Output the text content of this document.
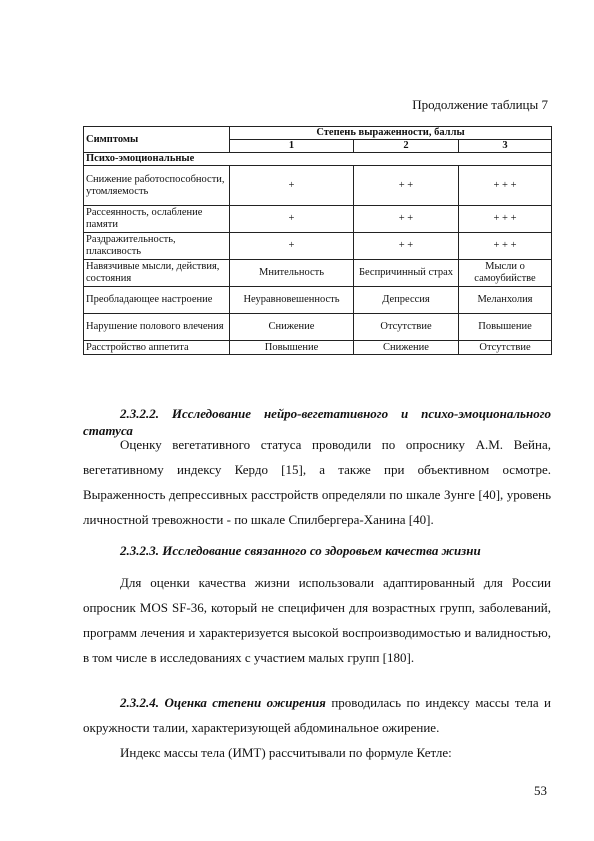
Продолжение таблицы 7
Симптомы	Степень выраженности, баллы		
	1	2	3
Психо-эмоциональные			
Снижение работоспособности, утомляемость	+	+ +	+ + +
Рассеянность, ослабление памяти	+	+ +	+ + +
Раздражительность, плаксивость	+	+ +	+ + +
Навязчивые мысли, действия, состояния	Мнительность	Беспричинный страх	Мысли о самоубийстве
Преобладающее настроение	Неуравновешенность	Депрессия	Меланхолия
Нарушение полового влечения	Снижение	Отсутствие	Повышение
Расстройство аппетита	Повышение	Снижение	Отсутствие
2.3.2.2. Исследование нейро-вегетативного и психо-эмоционального статуса
Оценку вегетативного статуса проводили по опроснику А.М. Вейна, вегетативному индексу Кердо [15], а также при объективном осмотре. Выраженность депрессивных расстройств определяли по шкале Зунге [40], уровень личностной тревожности - по шкале Спилбергера-Ханина [40].
2.3.2.3. Исследование связанного со здоровьем качества жизни
Для оценки качества жизни использовали адаптированный для России опросник MOS SF-36, который не специфичен для возрастных групп, заболеваний, программ лечения и характеризуется высокой воспроизводимостью и валидностью, в том числе в исследованиях с участием малых групп [180].
2.3.2.4. Оценка степени ожирения проводилась по индексу массы тела и окружности талии, характеризующей абдоминальное ожирение.
Индекс массы тела (ИМТ) рассчитывали по формуле Кетле:
53
